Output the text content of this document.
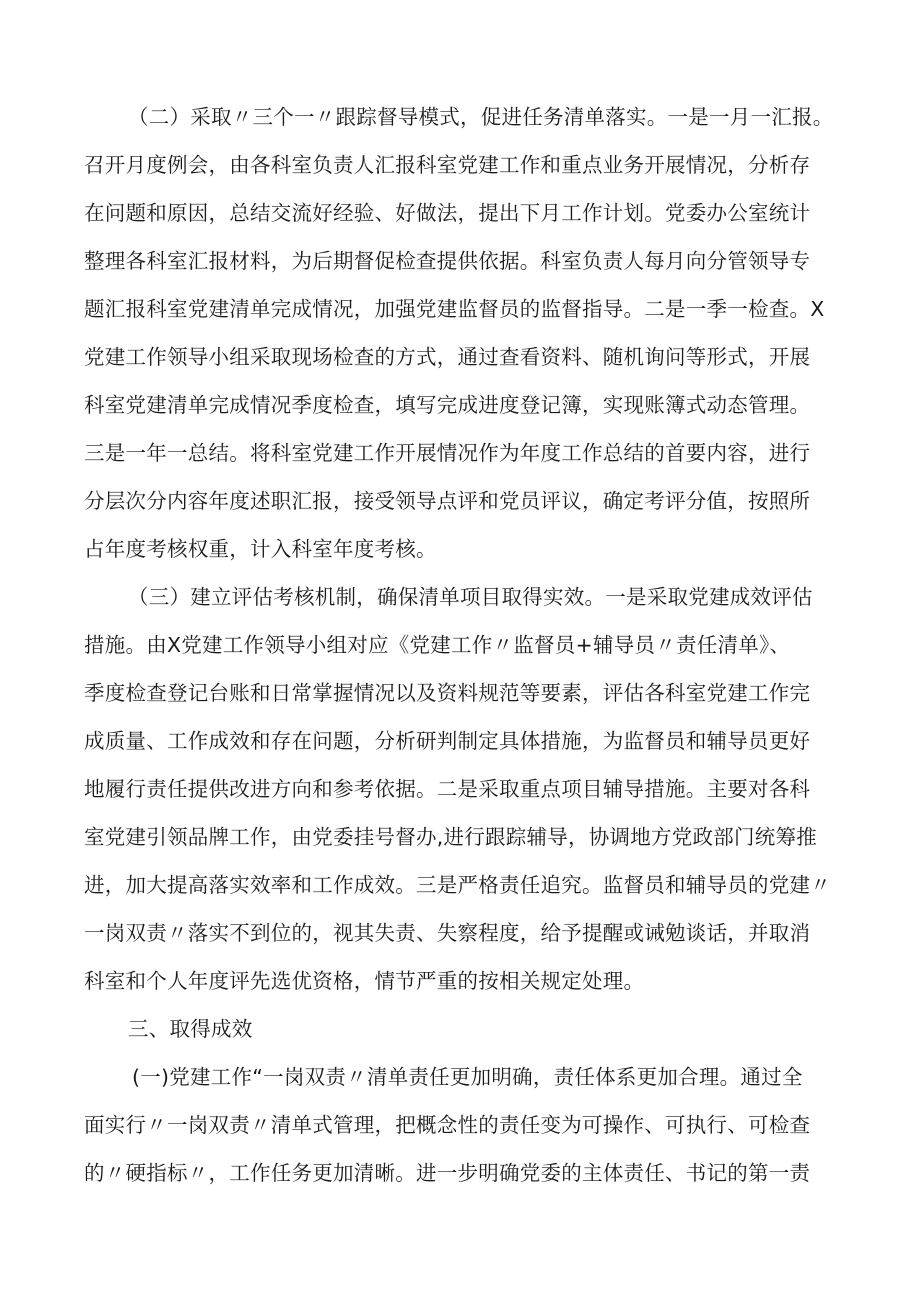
（二）采取〃三个一〃跟踪督导模式，促进任务清单落实。一是一月一汇报。

召开月度例会，由各科室负责人汇报科室党建工作和重点业务开展情况，分析存

在问题和原因，总结交流好经验、好做法，提出下月工作计划。党委办公室统计

整理各科室汇报材料，为后期督促检查提供依据。科室负责人每月向分管领导专

题汇报科室党建清单完成情况，加强党建监督员的监督指导。二是一季一检查。X

党建工作领导小组采取现场检查的方式，通过查看资料、随机询问等形式，开展

科室党建清单完成情况季度检查，填写完成进度登记簿，实现账簿式动态管理。

三是一年一总结。将科室党建工作开展情况作为年度工作总结的首要内容，进行

分层次分内容年度述职汇报，接受领导点评和党员评议，确定考评分值，按照所

占年度考核权重，计入科室年度考核。

（三）建立评估考核机制，确保清单项目取得实效。一是采取党建成效评估

措施。由X党建工作领导小组对应《党建工作〃监督员+辅导员〃责任清单》、

季度检查登记台账和日常掌握情况以及资料规范等要素，评估各科室党建工作完

成质量、工作成效和存在问题，分析研判制定具体措施，为监督员和辅导员更好

地履行责任提供改进方向和参考依据。二是采取重点项目辅导措施。主要对各科

室党建引领品牌工作，由党委挂号督办,进行跟踪辅导，协调地方党政部门统筹推

进，加大提高落实效率和工作成效。三是严格责任追究。监督员和辅导员的党建〃

一岗双责〃落实不到位的，视其失责、失察程度，给予提醒或诫勉谈话，并取消

科室和个人年度评先选优资格，情节严重的按相关规定处理。

三、取得成效

(一)党建工作“一岗双责〃清单责任更加明确，责任体系更加合理。通过全

面实行〃一岗双责〃清单式管理，把概念性的责任变为可操作、可执行、可检查

的〃硬指标〃，工作任务更加清晰。进一步明确党委的主体责任、书记的第一责
